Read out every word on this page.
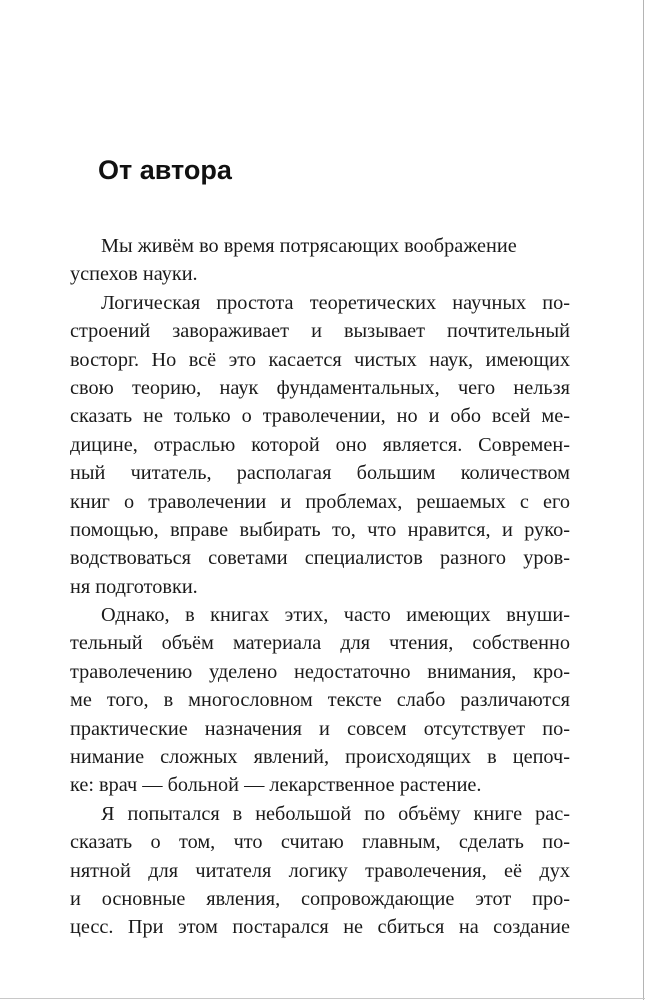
От автора
Мы живём во время потрясающих воображение
успехов науки.
Логическая простота теоретических научных по-
строений завораживает и вызывает почтительный
восторг. Но всё это касается чистых наук, имеющих
свою теорию, наук фундаментальных, чего нельзя
сказать не только о траволечении, но и обо всей ме-
дицине, отраслью которой оно является. Современ-
ный читатель, располагая большим количеством
книг о траволечении и проблемах, решаемых с его
помощью, вправе выбирать то, что нравится, и руко-
водствоваться советами специалистов разного уров-
ня подготовки.
Однако, в книгах этих, часто имеющих внуши-
тельный объём материала для чтения, собственно
траволечению уделено недостаточно внимания, кро-
ме того, в многословном тексте слабо различаются
практические назначения и совсем отсутствует по-
нимание сложных явлений, происходящих в цепоч-
ке: врач — больной — лекарственное растение.
Я попытался в небольшой по объёму книге рас-
сказать о том, что считаю главным, сделать по-
нятной для читателя логику траволечения, её дух
и основные явления, сопровождающие этот про-
цесс. При этом постарался не сбиться на создание
